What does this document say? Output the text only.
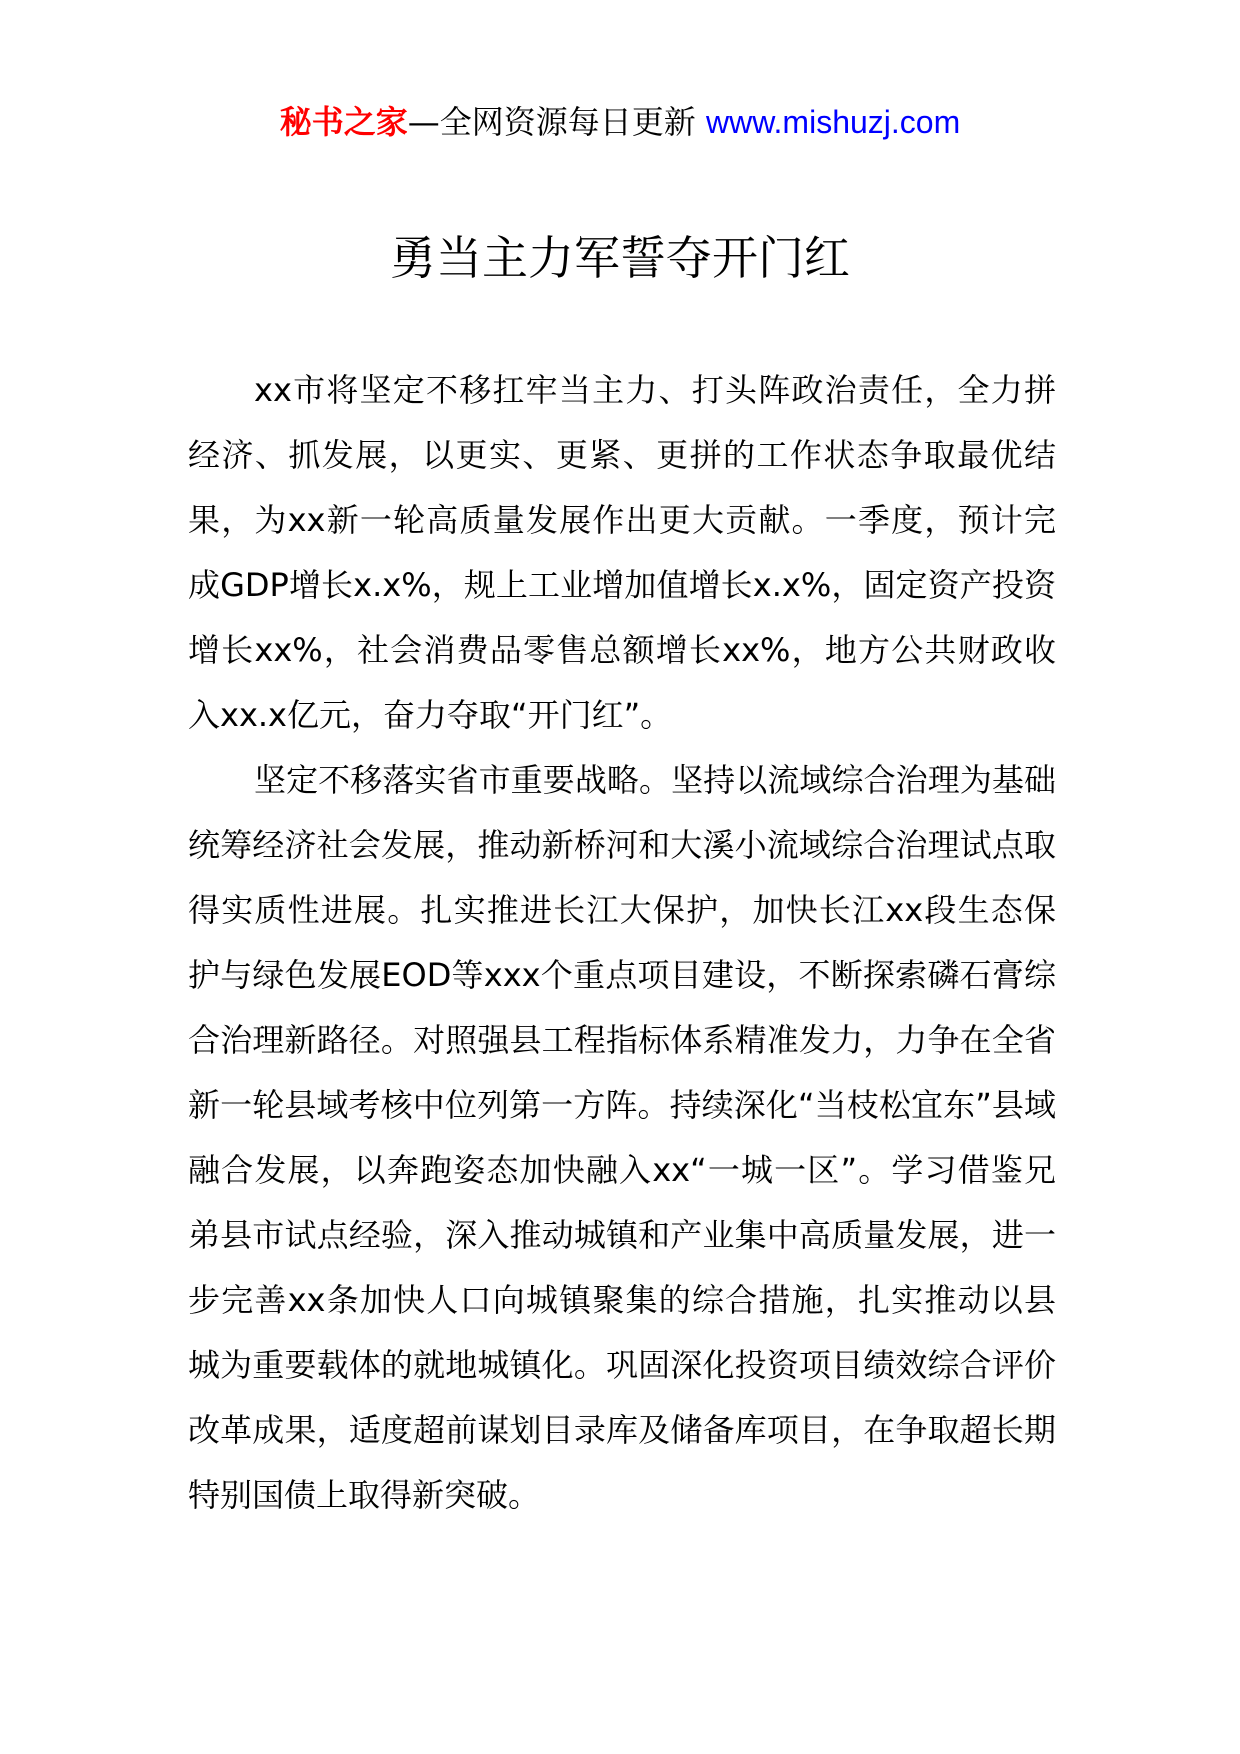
秘书之家—全网资源每日更新 www.mishuzj.com
勇当主力军誓夺开门红

xx市将坚定不移扛牢当主力、打头阵政治责任，全力拼经济、抓发展，以更实、更紧、更拼的工作状态争取最优结果，为xx新一轮高质量发展作出更大贡献。一季度，预计完成GDP增长x.x%，规上工业增加值增长x.x%，固定资产投资增长xx%，社会消费品零售总额增长xx%，地方公共财政收入xx.x亿元，奋力夺取“开门红”。

坚定不移落实省市重要战略。坚持以流域综合治理为基础统筹经济社会发展，推动新桥河和大溪小流域综合治理试点取得实质性进展。扎实推进长江大保护，加快长江xx段生态保护与绿色发展EOD等xxx个重点项目建设，不断探索磷石膏综合治理新路径。对照强县工程指标体系精准发力，力争在全省新一轮县域考核中位列第一方阵。持续深化“当枝松宜东”县域融合发展，以奔跑姿态加快融入xx“一城一区”。学习借鉴兄弟县市试点经验，深入推动城镇和产业集中高质量发展，进一步完善xx条加快人口向城镇聚集的综合措施，扎实推动以县城为重要载体的就地城镇化。巩固深化投资项目绩效综合评价改革成果，适度超前谋划目录库及储备库项目，在争取超长期特别国债上取得新突破。
